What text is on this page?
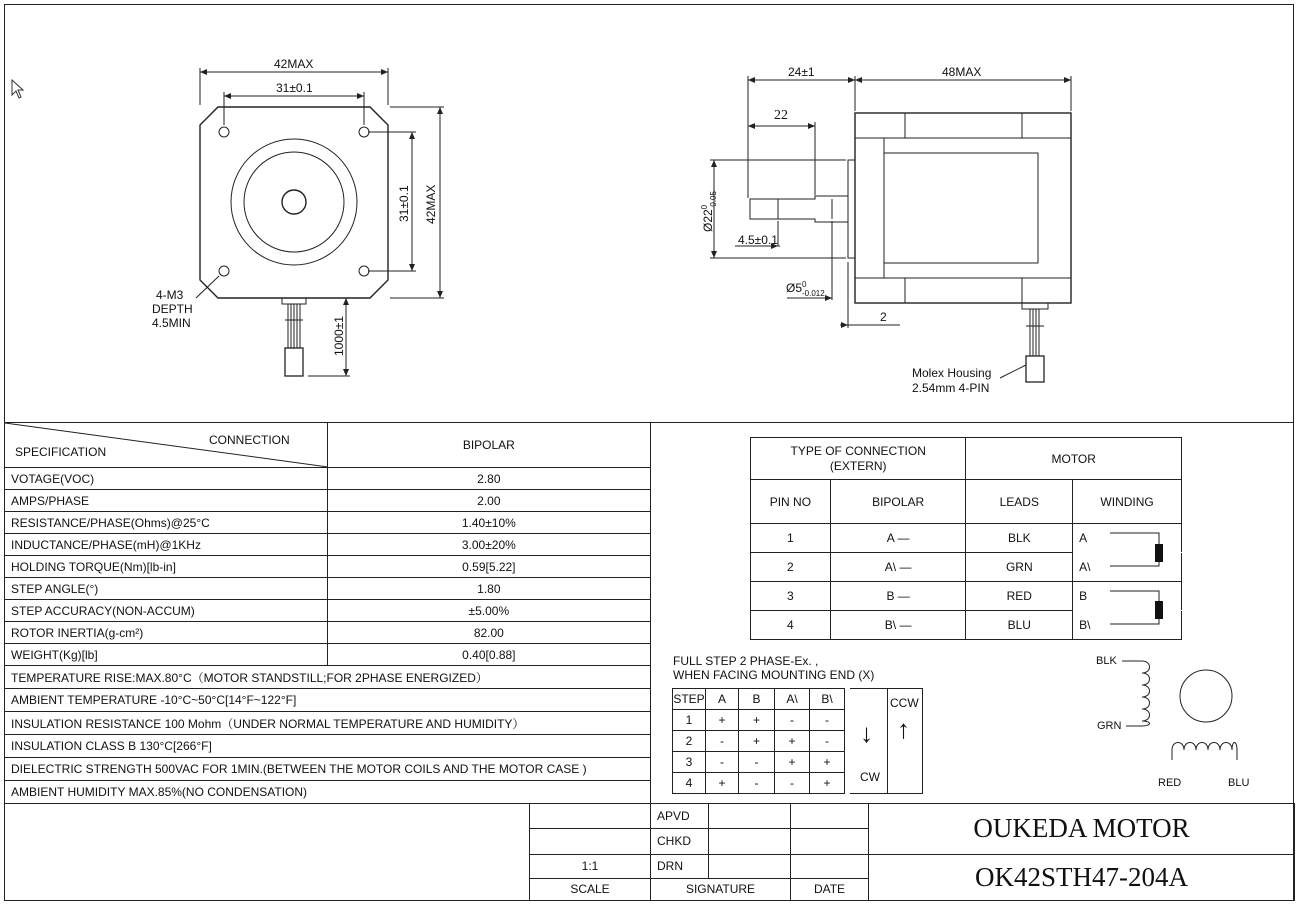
42MAX
31±0.1
31±0.1 42MAX
1000±1
4-M3
DEPTH
4.5MIN
24±1	48MAX
22
Ø220
-0.05
4.5±0.1
Ø50
-0.012
2
Molex Housing
2.54mm 4-PIN
CONNECTION
SPECIFICATION	BIPOLAR
VOTAGE(VOC)	2.80
AMPS/PHASE	2.00
RESISTANCE/PHASE(Ohms)@25°C	1.40±10%
INDUCTANCE/PHASE(mH)@1KHz	3.00±20%
HOLDING TORQUE(Nm)[lb-in]	0.59[5.22]
STEP ANGLE(°)	1.80
STEP ACCURACY(NON-ACCUM)	±5.00%
ROTOR INERTIA(g-cm²)	82.00
WEIGHT(Kg)[lb]	0.40[0.88]
TEMPERATURE RISE:MAX.80°C（MOTOR STANDSTILL;FOR 2PHASE ENERGIZED）	
AMBIENT TEMPERATURE -10°C~50°C[14°F~122°F]	
INSULATION RESISTANCE 100 Mohm（UNDER NORMAL TEMPERATURE AND HUMIDITY）	
INSULATION CLASS B 130°C[266°F]	
DIELECTRIC STRENGTH 500VAC FOR 1MIN.(BETWEEN THE MOTOR COILS AND THE MOTOR CASE )	
AMBIENT HUMIDITY MAX.85%(NO CONDENSATION)	
TYPE OF CONNECTION
(EXTERN)		MOTOR	
PIN NO	BIPOLAR	LEADS	WINDING
1	A —	BLK	A
2	A\ —	GRN	A\
3	B —	RED	B
4	B\ —	BLU	B\
FULL STEP 2 PHASE-Ex. ,
WHEN FACING MOUNTING END (X)
STEP	A	B	A\	B\
1	+	+	-	-
2	-	+	+	-
3	-	-	+	+
4	+	-	-	+
CCW
↑
↓
CW
BLK
GRN
RED	BLU
	APVD			OUKEDA MOTOR
	CHKD			
1:1	DRN			OK42STH47-204A
SCALE	SIGNATURE		DATE	
